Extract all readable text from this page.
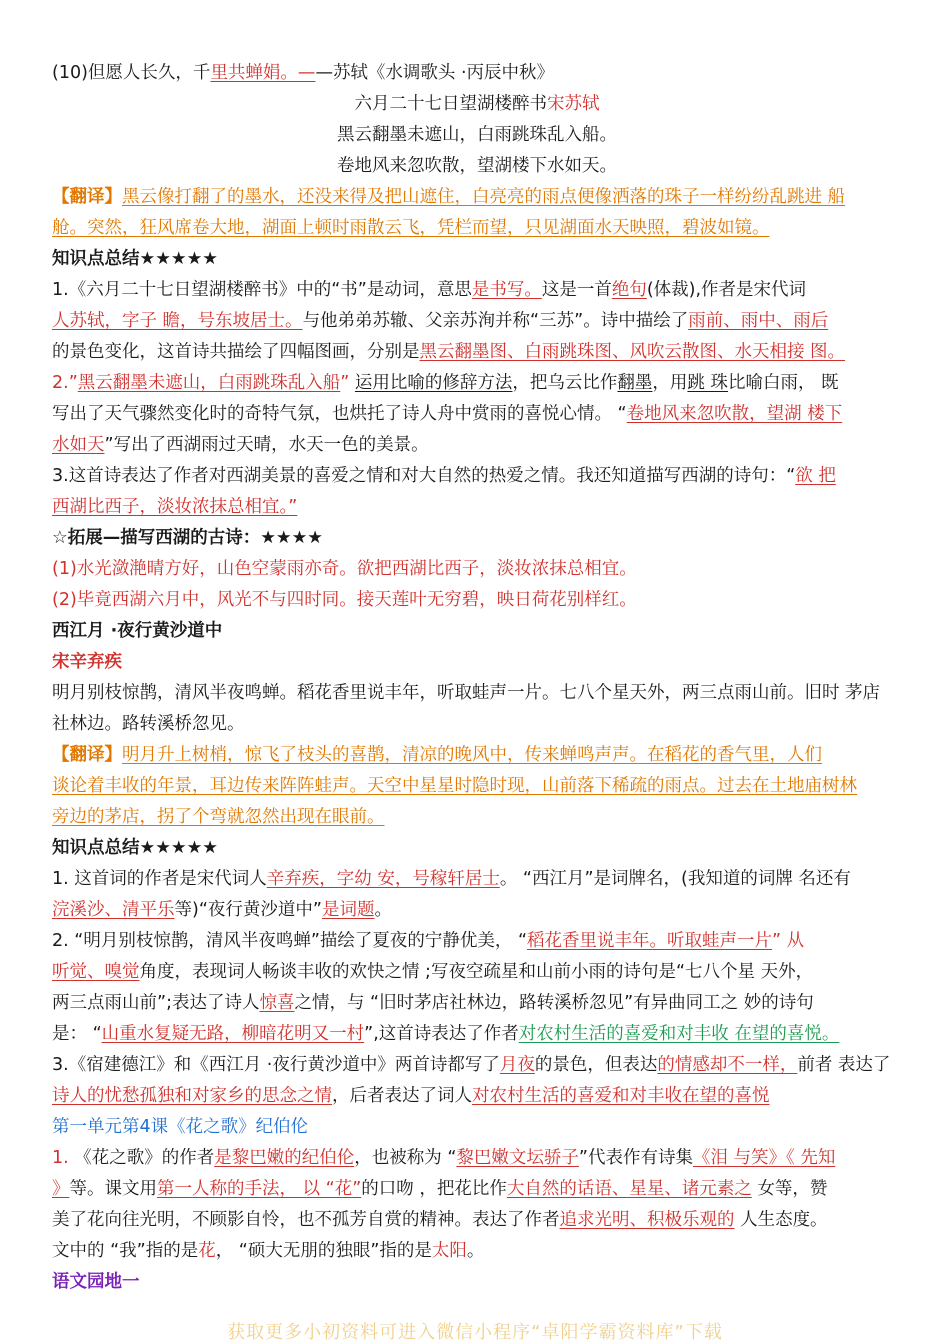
(10)但愿人长久，千里共蝉娟。——苏轼《水调歌头 ·丙辰中秋》
六月二十七日望湖楼醉书宋苏轼
黑云翻墨未遮山，白雨跳珠乱入船。
卷地风来忽吹散，望湖楼下水如天。
【翻译】黑云像打翻了的墨水，还没来得及把山遮住，白亮亮的雨点便像洒落的珠子一样纷纷乱跳进 船
舱。突然，狂风席卷大地，湖面上顿时雨散云飞，凭栏而望，只见湖面水天映照，碧波如镜。
知识点总结★★★★★
1.《六月二十七日望湖楼醉书》中的“书”是动词，意思是书写。这是一首绝句(体裁),作者是宋代词
人苏轼，字子 瞻，号东坡居士。与他弟弟苏辙、父亲苏洵并称“三苏”。诗中描绘了雨前、雨中、雨后
的景色变化，这首诗共描绘了四幅图画，分别是黑云翻墨图、白雨跳珠图、风吹云散图、水天相接 图。
2.”黑云翻墨未遮山，白雨跳珠乱入船” 运用比喻的修辞方法，把乌云比作翻墨，用跳 珠比喻白雨， 既
写出了天气骤然变化时的奇特气氛，也烘托了诗人舟中赏雨的喜悦心情。 “卷地风来忽吹散，望湖 楼下
水如天”写出了西湖雨过天晴，水天一色的美景。
3.这首诗表达了作者对西湖美景的喜爱之情和对大自然的热爱之情。我还知道描写西湖的诗句：“欲 把
西湖比西子，淡妆浓抹总相宜。”
☆拓展—描写西湖的古诗：★★★★
(1)水光潋滟晴方好，山色空蒙雨亦奇。欲把西湖比西子，淡妆浓抹总相宜。
(2)毕竟西湖六月中，风光不与四时同。接天莲叶无穷碧，映日荷花别样红。
西江月 ·夜行黄沙道中
宋辛弃疾
明月别枝惊鹊，清风半夜鸣蝉。稻花香里说丰年，听取蛙声一片。七八个星天外，两三点雨山前。旧时 茅店
社林边。路转溪桥忽见。
【翻译】明月升上树梢，惊飞了枝头的喜鹊，清凉的晚风中，传来蝉鸣声声。在稻花的香气里，人们
谈论着丰收的年景，耳边传来阵阵蛙声。天空中星星时隐时现，山前落下稀疏的雨点。过去在土地庙树林
旁边的茅店，拐了个弯就忽然出现在眼前。
知识点总结★★★★★
1. 这首词的作者是宋代词人辛弃疾，字幼 安，号稼轩居士。 “西江月”是词牌名，(我知道的词牌 名还有
浣溪沙、清平乐等)“夜行黄沙道中”是词题。
2. “明月别枝惊鹊，清风半夜鸣蝉”描绘了夏夜的宁静优美， “稻花香里说丰年。听取蛙声一片” 从
听觉、嗅觉角度，表现词人畅谈丰收的欢快之情 ;写夜空疏星和山前小雨的诗句是“七八个星 天外，
两三点雨山前”;表达了诗人惊喜之情，与 “旧时茅店社林边，路转溪桥忽见”有异曲同工之 妙的诗句
是： “山重水复疑无路，柳暗花明又一村”,这首诗表达了作者对农村生活的喜爱和对丰收 在望的喜悦。
3.《宿建德江》和《西江月 ·夜行黄沙道中》两首诗都写了月夜的景色，但表达的情感却不一样，前者 表达了
诗人的忧愁孤独和对家乡的思念之情，后者表达了词人对农村生活的喜爱和对丰收在望的喜悦
第一单元第4课《花之歌》纪伯伦
1. 《花之歌》的作者是黎巴嫩的纪伯伦，也被称为 “黎巴嫩文坛骄子”代表作有诗集《泪 与笑》《 先知
》等。课文用第一人称的手法， 以 “花”的口吻 ，把花比作大自然的话语、星星、诸元素之 女等，赞
美了花向往光明，不顾影自怜，也不孤芳自赏的精神。表达了作者追求光明、积极乐观的 人生态度。
文中的 “我”指的是花， “硕大无朋的独眼”指的是太阳。
语文园地一
获取更多小初资料可进入微信小程序“卓阳学霸资料库”下载
